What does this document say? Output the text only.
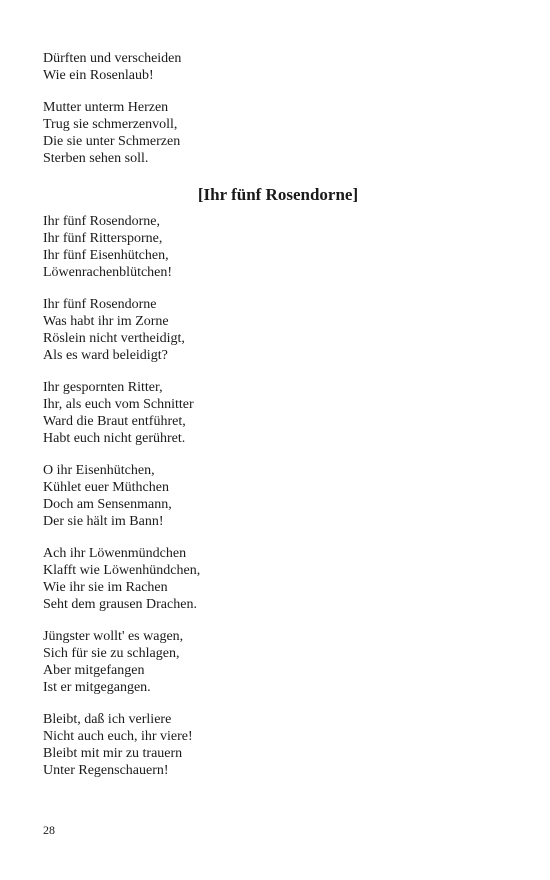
Dürften und verscheiden
Wie ein Rosenlaub!
Mutter unterm Herzen
Trug sie schmerzenvoll,
Die sie unter Schmerzen
Sterben sehen soll.
[Ihr fünf Rosendorne]
Ihr fünf Rosendorne,
Ihr fünf Rittersporne,
Ihr fünf Eisenhütchen,
Löwenrachenblütchen!
Ihr fünf Rosendorne
Was habt ihr im Zorne
Röslein nicht vertheidigt,
Als es ward beleidigt?
Ihr gespornten Ritter,
Ihr, als euch vom Schnitter
Ward die Braut entführet,
Habt euch nicht gerühret.
O ihr Eisenhütchen,
Kühlet euer Müthchen
Doch am Sensenmann,
Der sie hält im Bann!
Ach ihr Löwenmündchen
Klafft wie Löwenhündchen,
Wie ihr sie im Rachen
Seht dem grausen Drachen.
Jüngster wollt' es wagen,
Sich für sie zu schlagen,
Aber mitgefangen
Ist er mitgegangen.
Bleibt, daß ich verliere
Nicht auch euch, ihr viere!
Bleibt mit mir zu trauern
Unter Regenschauern!
28
